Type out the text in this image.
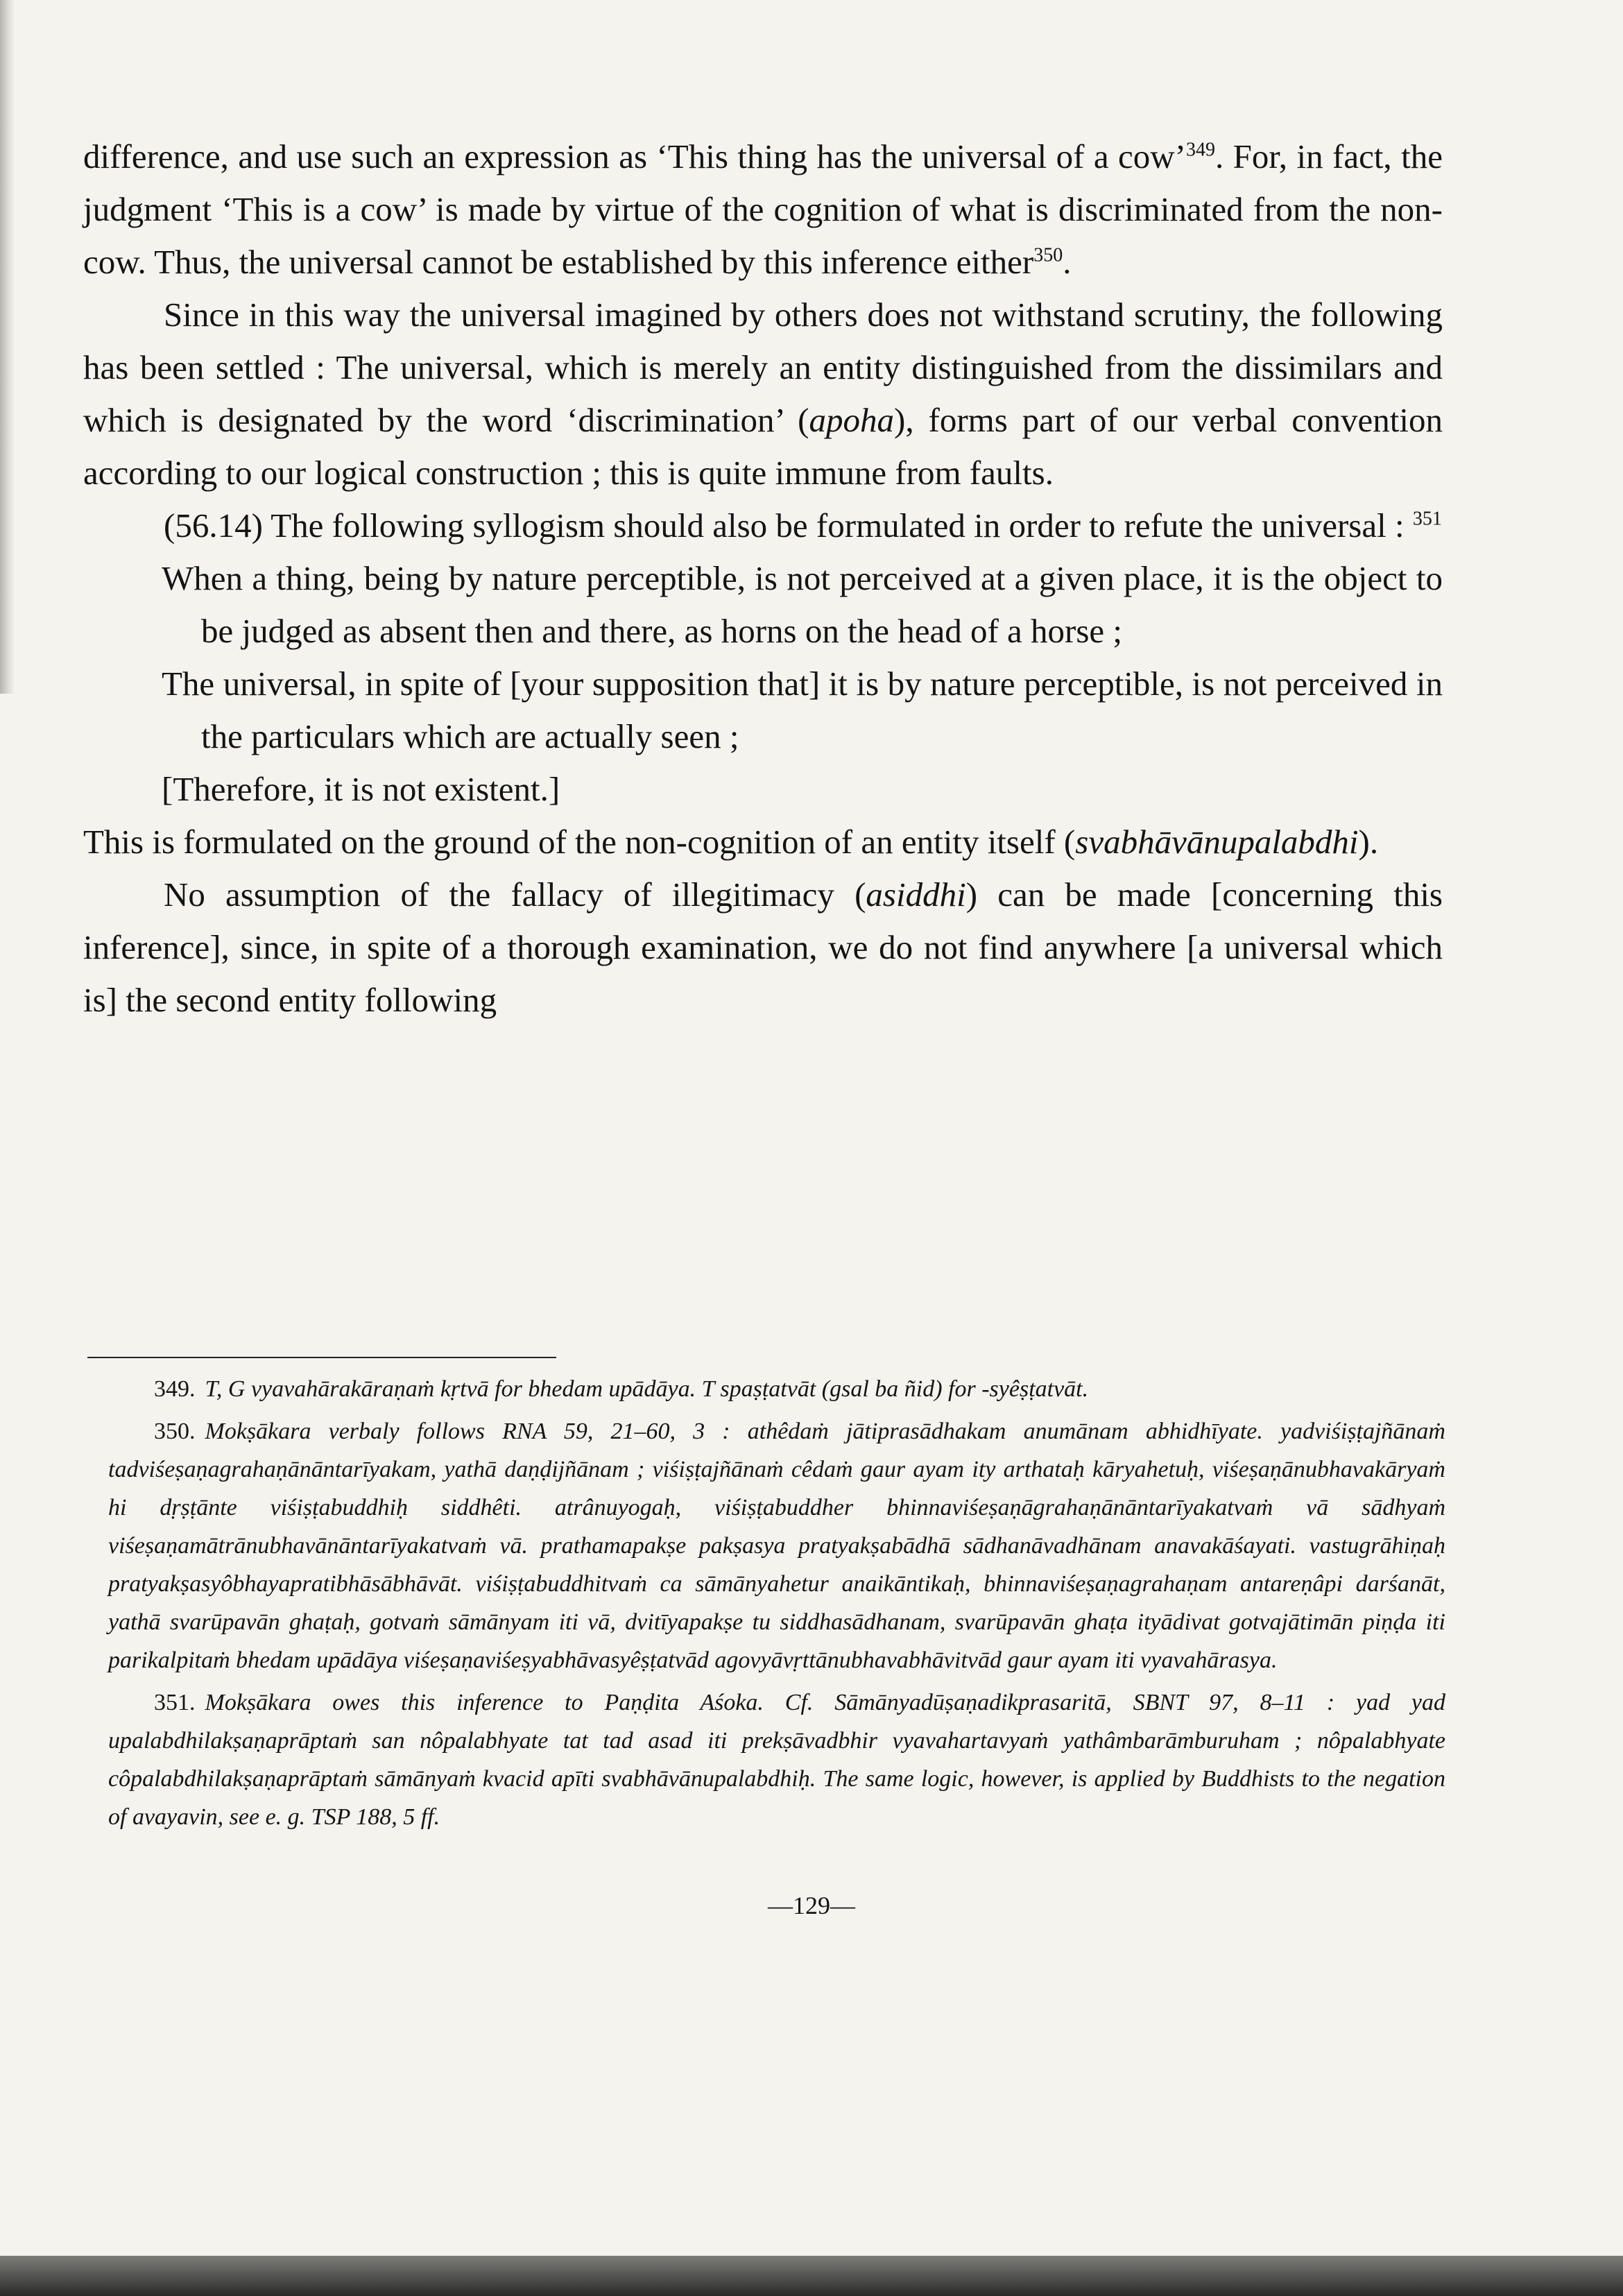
difference, and use such an expression as ‘This thing has the universal of a cow’$^{349}$. For, in fact, the judgment ‘This is a cow’ is made by virtue of the cognition of what is discriminated from the non-cow. Thus, the universal cannot be established by this inference either$^{350}$.

Since in this way the universal imagined by others does not withstand scrutiny, the following has been settled : The universal, which is merely an entity distinguished from the dissimilars and which is designated by the word ‘discrimination’ (apoha), forms part of our verbal convention according to our logical construction ; this is quite immune from faults.

(56.14) The following syllogism should also be formulated in order to refute the universal : $^{351}$

When a thing, being by nature perceptible, is not perceived at a given place, it is the object to be judged as absent then and there, as horns on the head of a horse ;

The universal, in spite of [your supposition that] it is by nature perceptible, is not perceived in the particulars which are actually seen ;

[Therefore, it is not existent.]

This is formulated on the ground of the non-cognition of an entity itself (svabhāvānupalabdhi).

No assumption of the fallacy of illegitimacy (asiddhi) can be made [concerning this inference], since, in spite of a thorough examination, we do not find anywhere [a universal which is] the second entity following

349. T, G vyavahārakāraṇaṁ kṛtvā for bhedam upādāya. T spaṣṭatvāt (gsal ba ñid) for -syêṣṭatvāt.

350. Mokṣākara verbaly follows RNA 59, 21–60, 3 : athêdaṁ jātiprasādhakam anumānam abhidhīyate. yadviśiṣṭajñānaṁ tadviśeṣaṇagrahaṇānāntarīyakam, yathā daṇḍijñānam ; viśiṣṭajñānaṁ cêdaṁ gaur ayam ity arthataḥ kāryahetuḥ, viśeṣaṇānubhavakāryaṁ hi dṛṣṭānte viśiṣṭabuddhiḥ siddhêti. atrânuyogaḥ, viśiṣṭabuddher bhinnaviśeṣaṇāgrahaṇānāntarīyakatvaṁ vā sādhyaṁ viśeṣaṇamātrānubhavānāntarīyakatvaṁ vā. prathamapakṣe pakṣasya pratyakṣabādhā sādhanāvadhānam anavakāśayati. vastugrāhiṇaḥ pratyakṣasyôbhayapratibhāsābhāvāt. viśiṣṭabuddhitvaṁ ca sāmānyahetur anaikāntikaḥ, bhinnaviśeṣaṇagrahaṇam antareṇâpi darśanāt, yathā svarūpavān ghaṭaḥ, gotvaṁ sāmānyam iti vā, dvitīyapakṣe tu siddhasādhanam, svarūpavān ghaṭa ityādivat gotvajātimān piṇḍa iti parikalpitaṁ bhedam upādāya viśeṣaṇaviśeṣyabhāvasyêṣṭatvād agovyāvṛttānubhavabhāvitvād gaur ayam iti vyavahārasya.

351. Mokṣākara owes this inference to Paṇḍita Aśoka. Cf. Sāmānyadūṣaṇadikprasaritā, SBNT 97, 8–11 : yad yad upalabdhilakṣaṇaprāptaṁ san nôpalabhyate tat tad asad iti prekṣāvadbhir vyavahartavyaṁ yathâmbarāmburuham ; nôpalabhyate côpalabdhilakṣaṇaprāptaṁ sāmānyaṁ kvacid apīti svabhāvānupalabdhiḥ. The same logic, however, is applied by Buddhists to the negation of avayavin, see e. g. TSP 188, 5 ff.

—129—
